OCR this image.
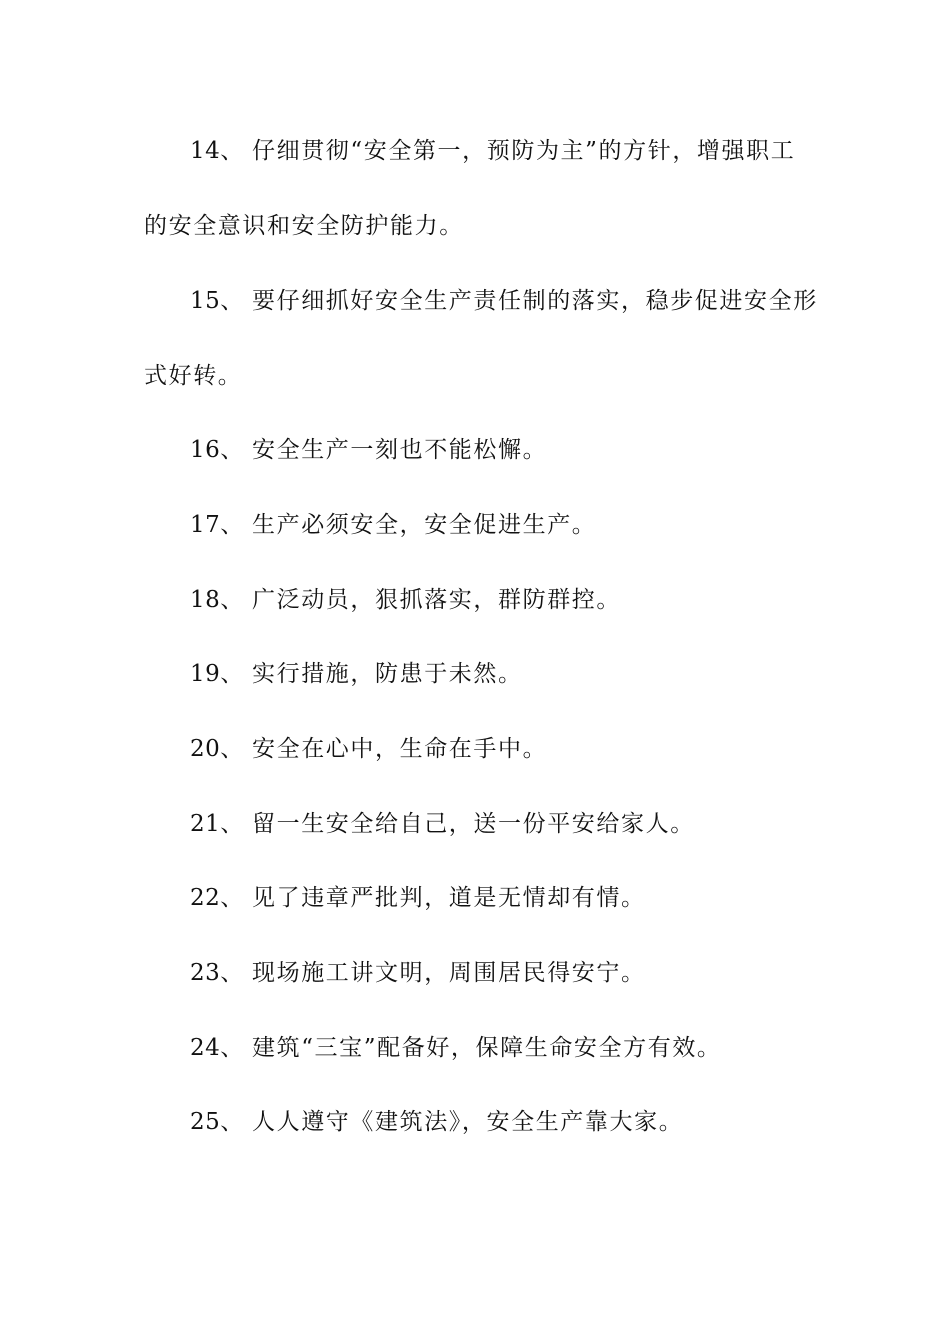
14、 仔细贯彻“安全第一，预防为主”的方针，增强职工
的安全意识和安全防护能力。
15、 要仔细抓好安全生产责任制的落实，稳步促进安全形
式好转。
16、 安全生产一刻也不能松懈。
17、 生产必须安全，安全促进生产。
18、 广泛动员，狠抓落实，群防群控。
19、 实行措施，防患于未然。
20、 安全在心中，生命在手中。
21、 留一生安全给自己，送一份平安给家人。
22、 见了违章严批判，道是无情却有情。
23、 现场施工讲文明，周围居民得安宁。
24、 建筑“三宝”配备好，保障生命安全方有效。
25、 人人遵守《建筑法》，安全生产靠大家。
